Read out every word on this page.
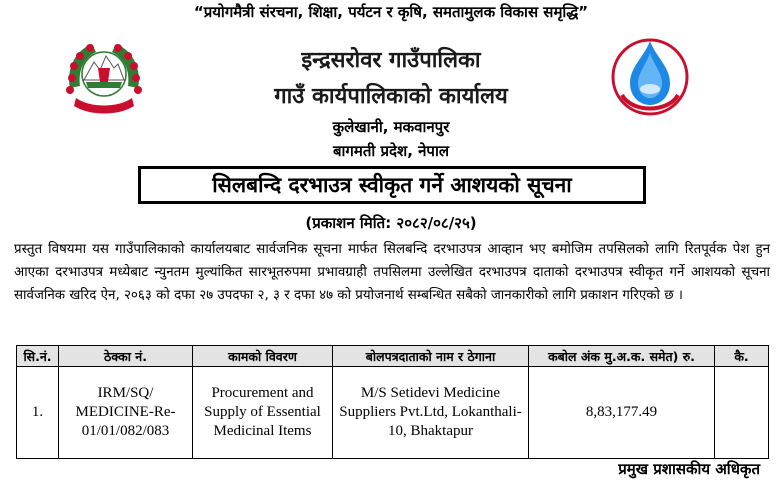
“प्रयोगमैत्री संरचना, शिक्षा, पर्यटन र कृषि, समतामुलक विकास समृद्धि”
इन्द्रसरोवर गाउँपालिका
गाउँ कार्यपालिकाको कार्यालय
कुलेखानी, मकवानपुर
बागमती प्रदेश, नेपाल
सिलबन्दि दरभाउत्र स्वीकृत गर्ने आशयको सूचना
(प्रकाशन मिति: २०८२/०८/२५)

प्रस्तुत विषयमा यस गाउँपालिकाको कार्यालयबाट सार्वजनिक सूचना मार्फत सिलबन्दि दरभाउपत्र आव्हान भए बमोजिम तपसिलको लागि रितपूर्वक पेश हुन आएका दरभाउपत्र मध्येबाट न्युनतम मुल्यांकित सारभूतरुपमा प्रभावग्राही तपसिलमा उल्लेखित दरभाउपत्र दाताको दरभाउपत्र स्वीकृत गर्ने आशयको सूचना सार्वजनिक खरिद ऐन, २०६३ को दफा २७ उपदफा २, ३ र दफा ४७ को प्रयोजनार्थ सम्बन्धित सबैको जानकारीको लागि प्रकाशन गरिएको छ ।

सि.नं.	ठेक्का नं.	कामको विवरण	बोलपत्रदाताको नाम र ठेगाना	कबोल अंक मु.अ.क. समेत) रु.	कै.
1.	IRM/SQ/ MEDICINE-Re-01/01/082/083	Procurement and Supply of Essential Medicinal Items	M/S Setidevi Medicine Suppliers Pvt.Ltd, Lokanthali-10, Bhaktapur	8,83,177.49	
प्रमुख प्रशासकीय अधिकृत
